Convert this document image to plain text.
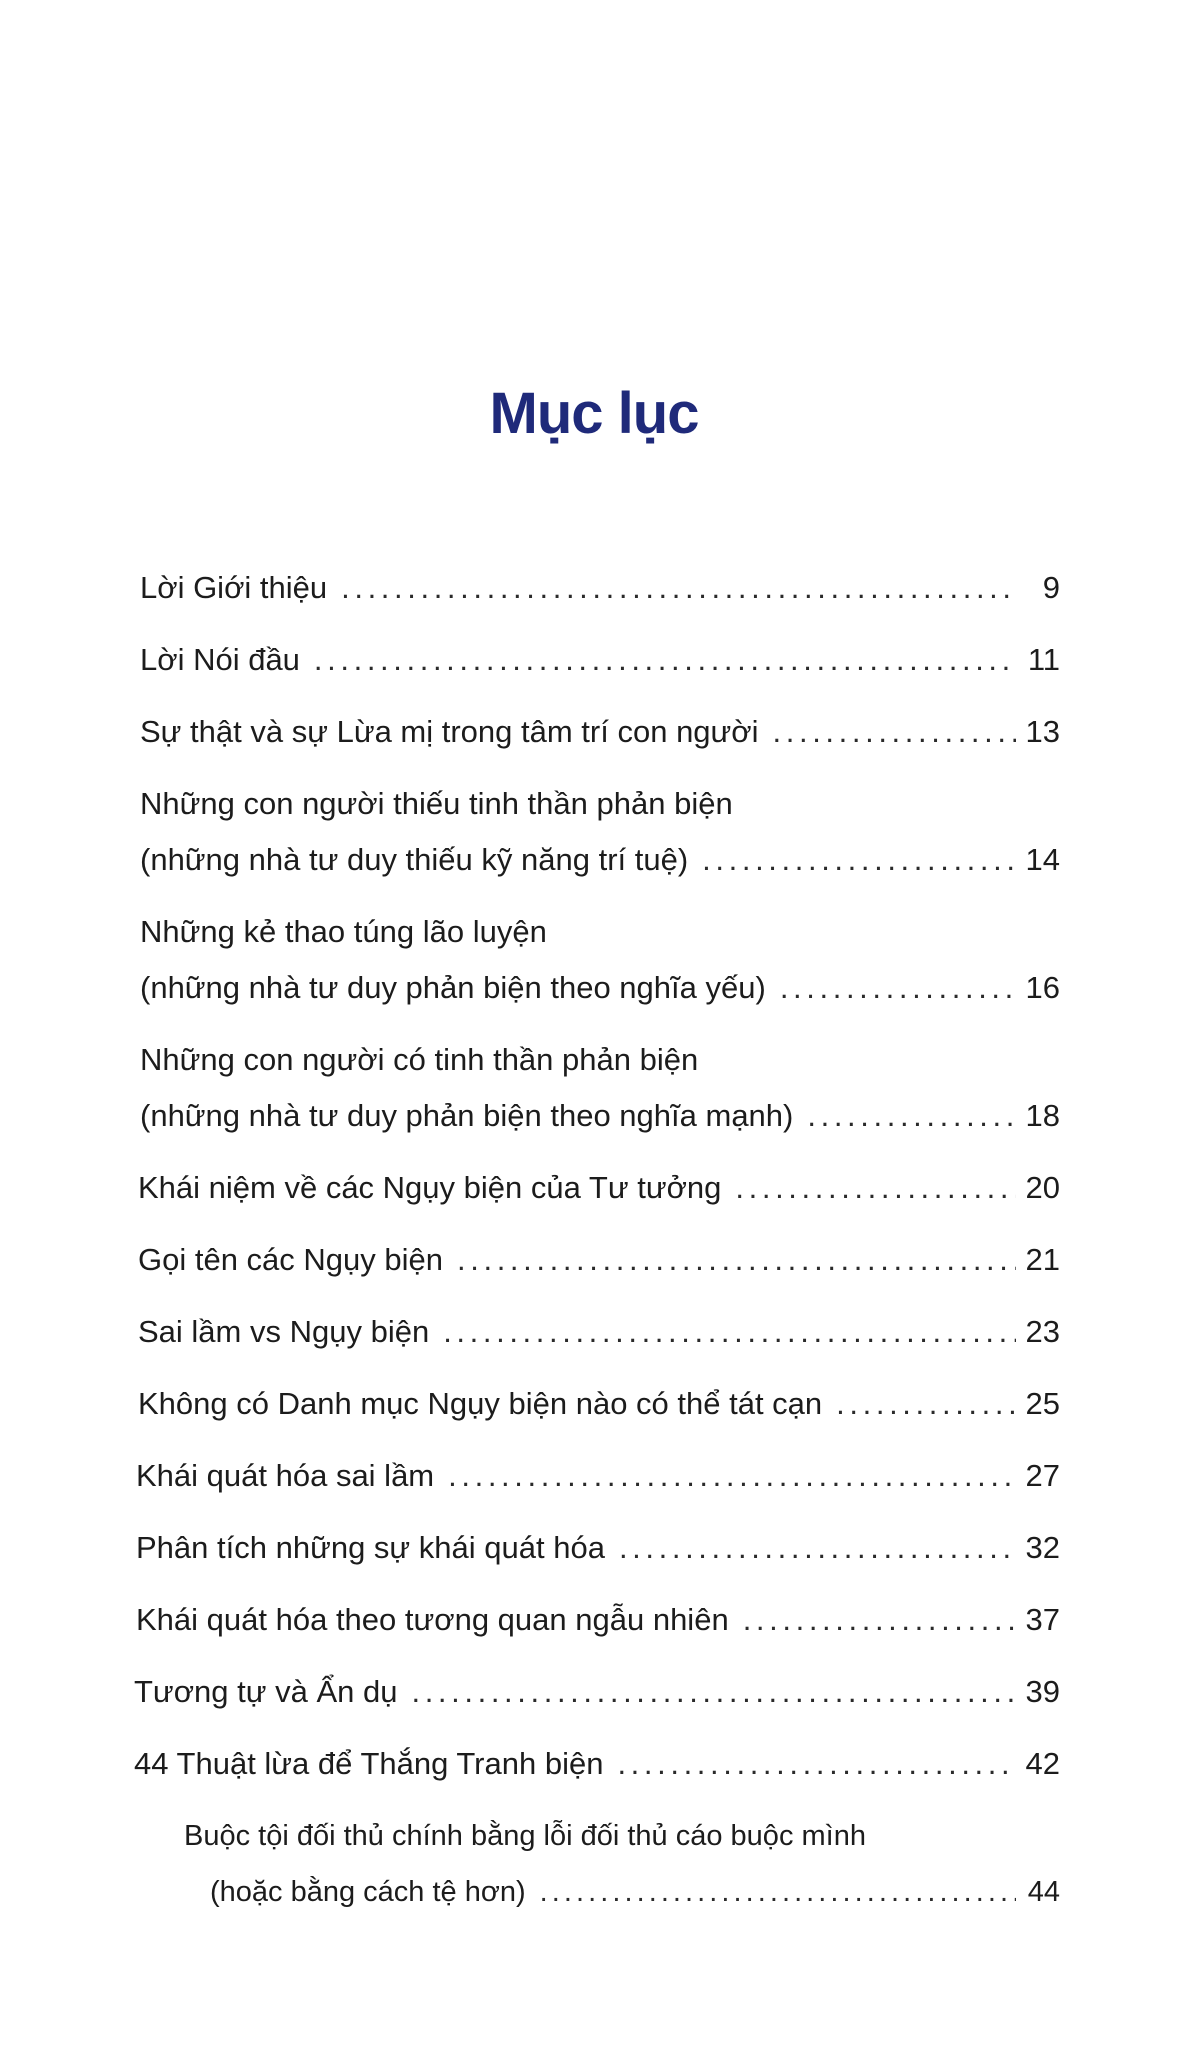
Mục lục
Lời Giới thiệu . . .	9
Lời Nói đầu . . .	11
Sự thật và sự Lừa mị trong tâm trí con người . . .	13
Những con người thiếu tinh thần phản biện
(những nhà tư duy thiếu kỹ năng trí tuệ) . . .	14
Những kẻ thao túng lão luyện
(những nhà tư duy phản biện theo nghĩa yếu) . . .	16
Những con người có tinh thần phản biện
(những nhà tư duy phản biện theo nghĩa mạnh) . . .	18
Khái niệm về các Ngụy biện của Tư tưởng . . .	20
Gọi tên các Ngụy biện . . .	21
Sai lầm vs Ngụy biện . . .	23
Không có Danh mục Ngụy biện nào có thể tát cạn . . .	25
Khái quát hóa sai lầm . . .	27
Phân tích những sự khái quát hóa . . .	32
Khái quát hóa theo tương quan ngẫu nhiên . . .	37
Tương tự và Ẩn dụ . . .	39
44 Thuật lừa để Thắng Tranh biện . . .	42
Buộc tội đối thủ chính bằng lỗi đối thủ cáo buộc mình
(hoặc bằng cách tệ hơn) . . .	44
